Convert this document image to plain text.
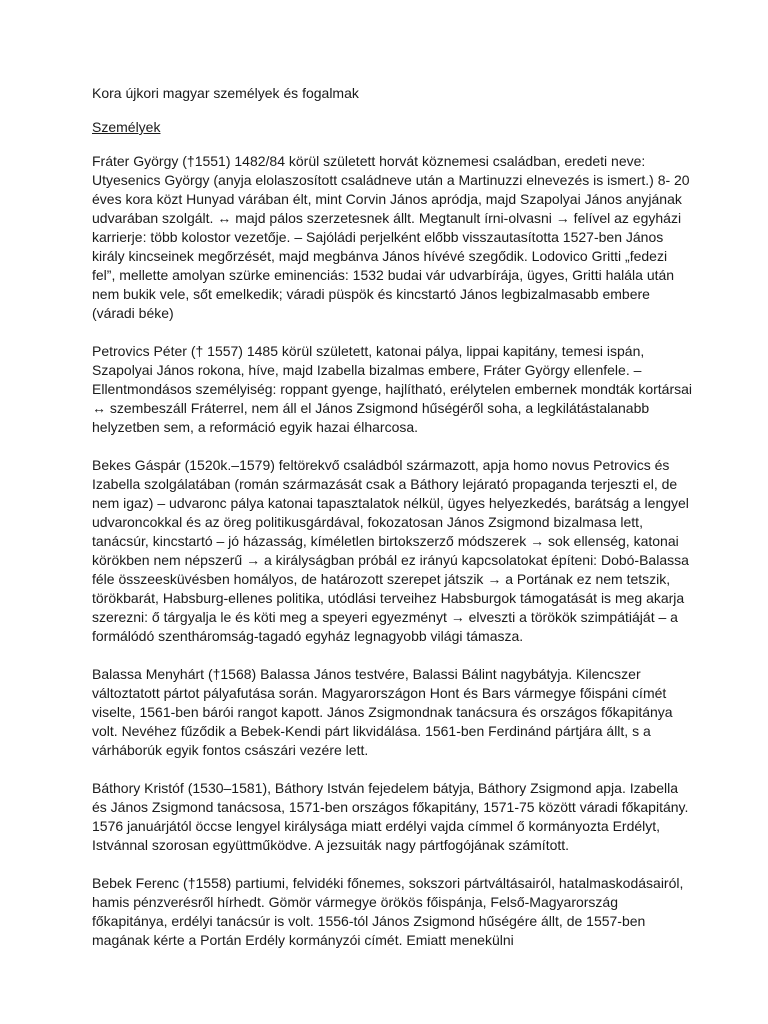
Kora újkori magyar személyek és fogalmak
Személyek

Fráter György (†1551) 1482/84 körül született horvát köznemesi családban, eredeti neve: Utyesenics György (anyja elolaszosított családneve után a Martinuzzi elnevezés is ismert.) 8- 20 éves kora közt Hunyad várában élt, mint Corvin János apródja, majd Szapolyai János anyjának udvarában szolgált. ↔ majd pálos szerzetesnek állt. Megtanult írni-olvasni → felível az egyházi karrierje: több kolostor vezetője. – Sajóládi perjelként előbb visszautasította 1527-ben János király kincseinek megőrzését, majd megbánva János hívévé szegődik. Lodovico Gritti „fedezi fel”, mellette amolyan szürke eminenciás: 1532 budai vár udvarbírája, ügyes, Gritti halála után nem bukik vele, sőt emelkedik; váradi püspök és kincstartó János legbizalmasabb embere (váradi béke)

Petrovics Péter († 1557) 1485 körül született, katonai pálya, lippai kapitány, temesi ispán, Szapolyai János rokona, híve, majd Izabella bizalmas embere, Fráter György ellenfele. – Ellentmondásos személyiség: roppant gyenge, hajlítható, erélytelen embernek mondták kortársai ↔ szembeszáll Fráterrel, nem áll el János Zsigmond hűségéről soha, a legkilátástalanabb helyzetben sem, a reformáció egyik hazai élharcosa.

Bekes Gáspár (1520k.–1579) feltörekvő családból származott, apja homo novus Petrovics és Izabella szolgálatában (román származását csak a Báthory lejárató propaganda terjeszti el, de nem igaz) – udvaronc pálya katonai tapasztalatok nélkül, ügyes helyezkedés, barátság a lengyel udvaroncokkal és az öreg politikusgárdával, fokozatosan János Zsigmond bizalmasa lett, tanácsúr, kincstartó – jó házasság, kíméletlen birtokszerző módszerek → sok ellenség, katonai körökben nem népszerű → a királyságban próbál ez irányú kapcsolatokat építeni: Dobó-Balassa féle összeesküvésben homályos, de határozott szerepet játszik → a Portának ez nem tetszik, törökbarát, Habsburg-ellenes politika, utódlási terveihez Habsburgok támogatását is meg akarja szerezni: ő tárgyalja le és köti meg a speyeri egyezményt → elveszti a törökök szimpátiáját – a formálódó szentháromság-tagadó egyház legnagyobb világi támasza.

Balassa Menyhárt (†1568) Balassa János testvére, Balassi Bálint nagybátyja. Kilencszer változtatott pártot pályafutása során. Magyarországon Hont és Bars vármegye főispáni címét viselte, 1561-ben bárói rangot kapott. János Zsigmondnak tanácsura és országos főkapitánya volt. Nevéhez fűződik a Bebek-Kendi párt likvidálása. 1561-ben Ferdinánd pártjára állt, s a várháborúk egyik fontos császári vezére lett.

Báthory Kristóf (1530–1581), Báthory István fejedelem bátyja, Báthory Zsigmond apja. Izabella és János Zsigmond tanácsosa, 1571-ben országos főkapitány, 1571-75 között váradi főkapitány. 1576 januárjától öccse lengyel királysága miatt erdélyi vajda címmel ő kormányozta Erdélyt, Istvánnal szorosan együttműködve. A jezsuiták nagy pártfogójának számított.

Bebek Ferenc (†1558) partiumi, felvidéki főnemes, sokszori pártváltásairól, hatalmaskodásairól, hamis pénzverésről hírhedt. Gömör vármegye örökös főispánja, Felső-Magyarország főkapitánya, erdélyi tanácsúr is volt. 1556-tól János Zsigmond hűségére állt, de 1557-ben magának kérte a Portán Erdély kormányzói címét. Emiatt menekülni
